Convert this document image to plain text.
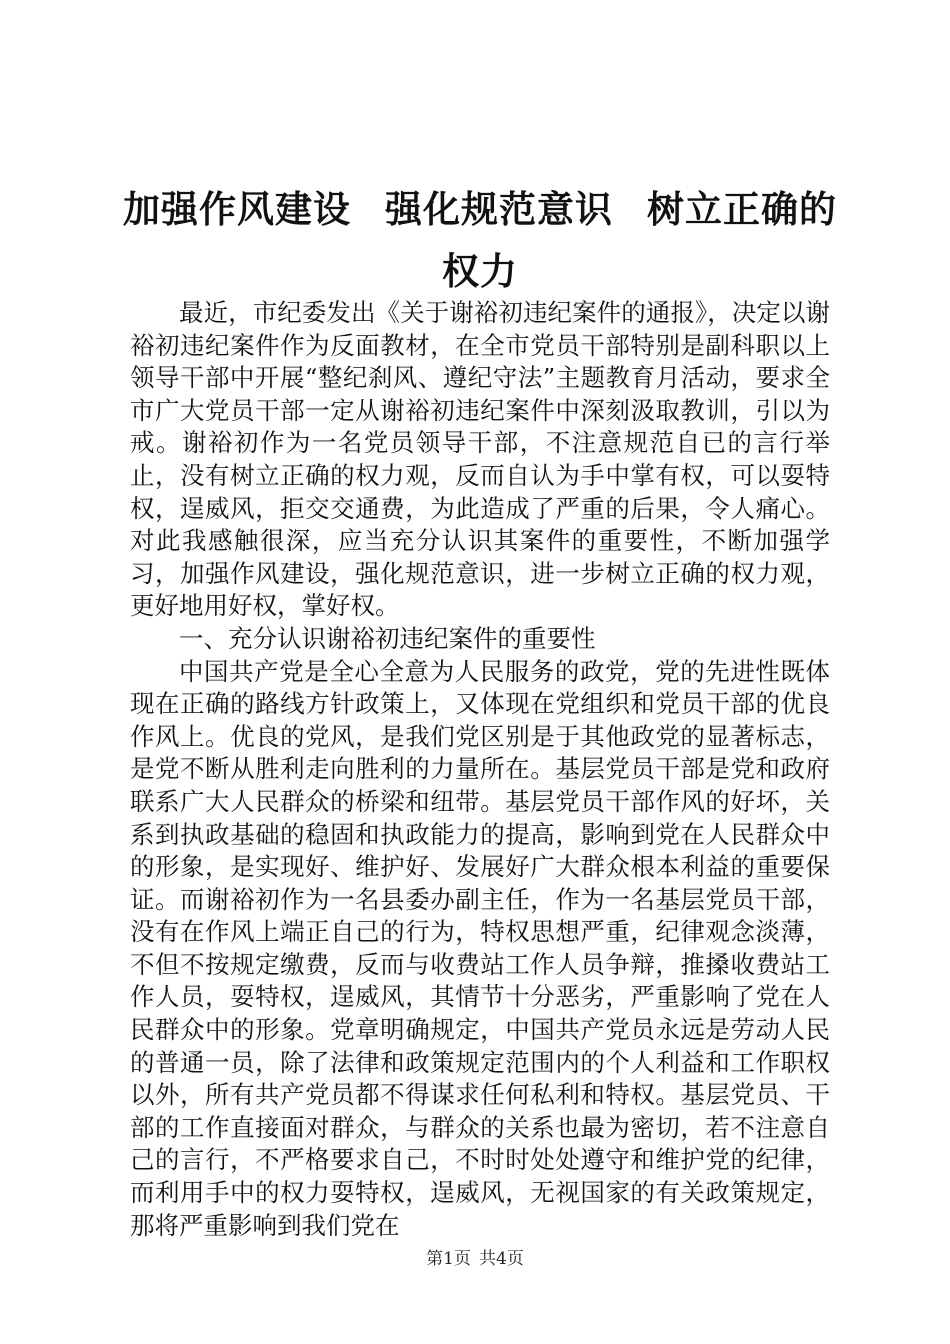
加强作风建设 强化规范意识 树立正确的权力

最近，市纪委发出《关于谢裕初违纪案件的通报》，决定以谢裕初违纪案件作为反面教材，在全市党员干部特别是副科职以上领导干部中开展“整纪刹风、遵纪守法”主题教育月活动，要求全市广大党员干部一定从谢裕初违纪案件中深刻汲取教训，引以为戒。谢裕初作为一名党员领导干部，不注意规范自已的言行举止，没有树立正确的权力观，反而自认为手中掌有权，可以耍特权，逞威风，拒交交通费，为此造成了严重的后果，令人痛心。对此我感触很深，应当充分认识其案件的重要性，不断加强学习，加强作风建设，强化规范意识，进一步树立正确的权力观，更好地用好权，掌好权。

一、充分认识谢裕初违纪案件的重要性

中国共产党是全心全意为人民服务的政党，党的先进性既体现在正确的路线方针政策上，又体现在党组织和党员干部的优良作风上。优良的党风，是我们党区别是于其他政党的显著标志，是党不断从胜利走向胜利的力量所在。基层党员干部是党和政府联系广大人民群众的桥梁和纽带。基层党员干部作风的好坏，关系到执政基础的稳固和执政能力的提高，影响到党在人民群众中的形象，是实现好、维护好、发展好广大群众根本利益的重要保证。而谢裕初作为一名县委办副主任，作为一名基层党员干部，没有在作风上端正自己的行为，特权思想严重，纪律观念淡薄，不但不按规定缴费，反而与收费站工作人员争辩，推搡收费站工作人员，耍特权，逞威风，其情节十分恶劣，严重影响了党在人民群众中的形象。党章明确规定，中国共产党员永远是劳动人民的普通一员，除了法律和政策规定范围内的个人利益和工作职权以外，所有共产党员都不得谋求任何私利和特权。基层党员、干部的工作直接面对群众，与群众的关系也最为密切，若不注意自己的言行，不严格要求自己，不时时处处遵守和维护党的纪律，而利用手中的权力耍特权，逞威风，无视国家的有关政策规定，那将严重影响到我们党在

第1页 共4页
